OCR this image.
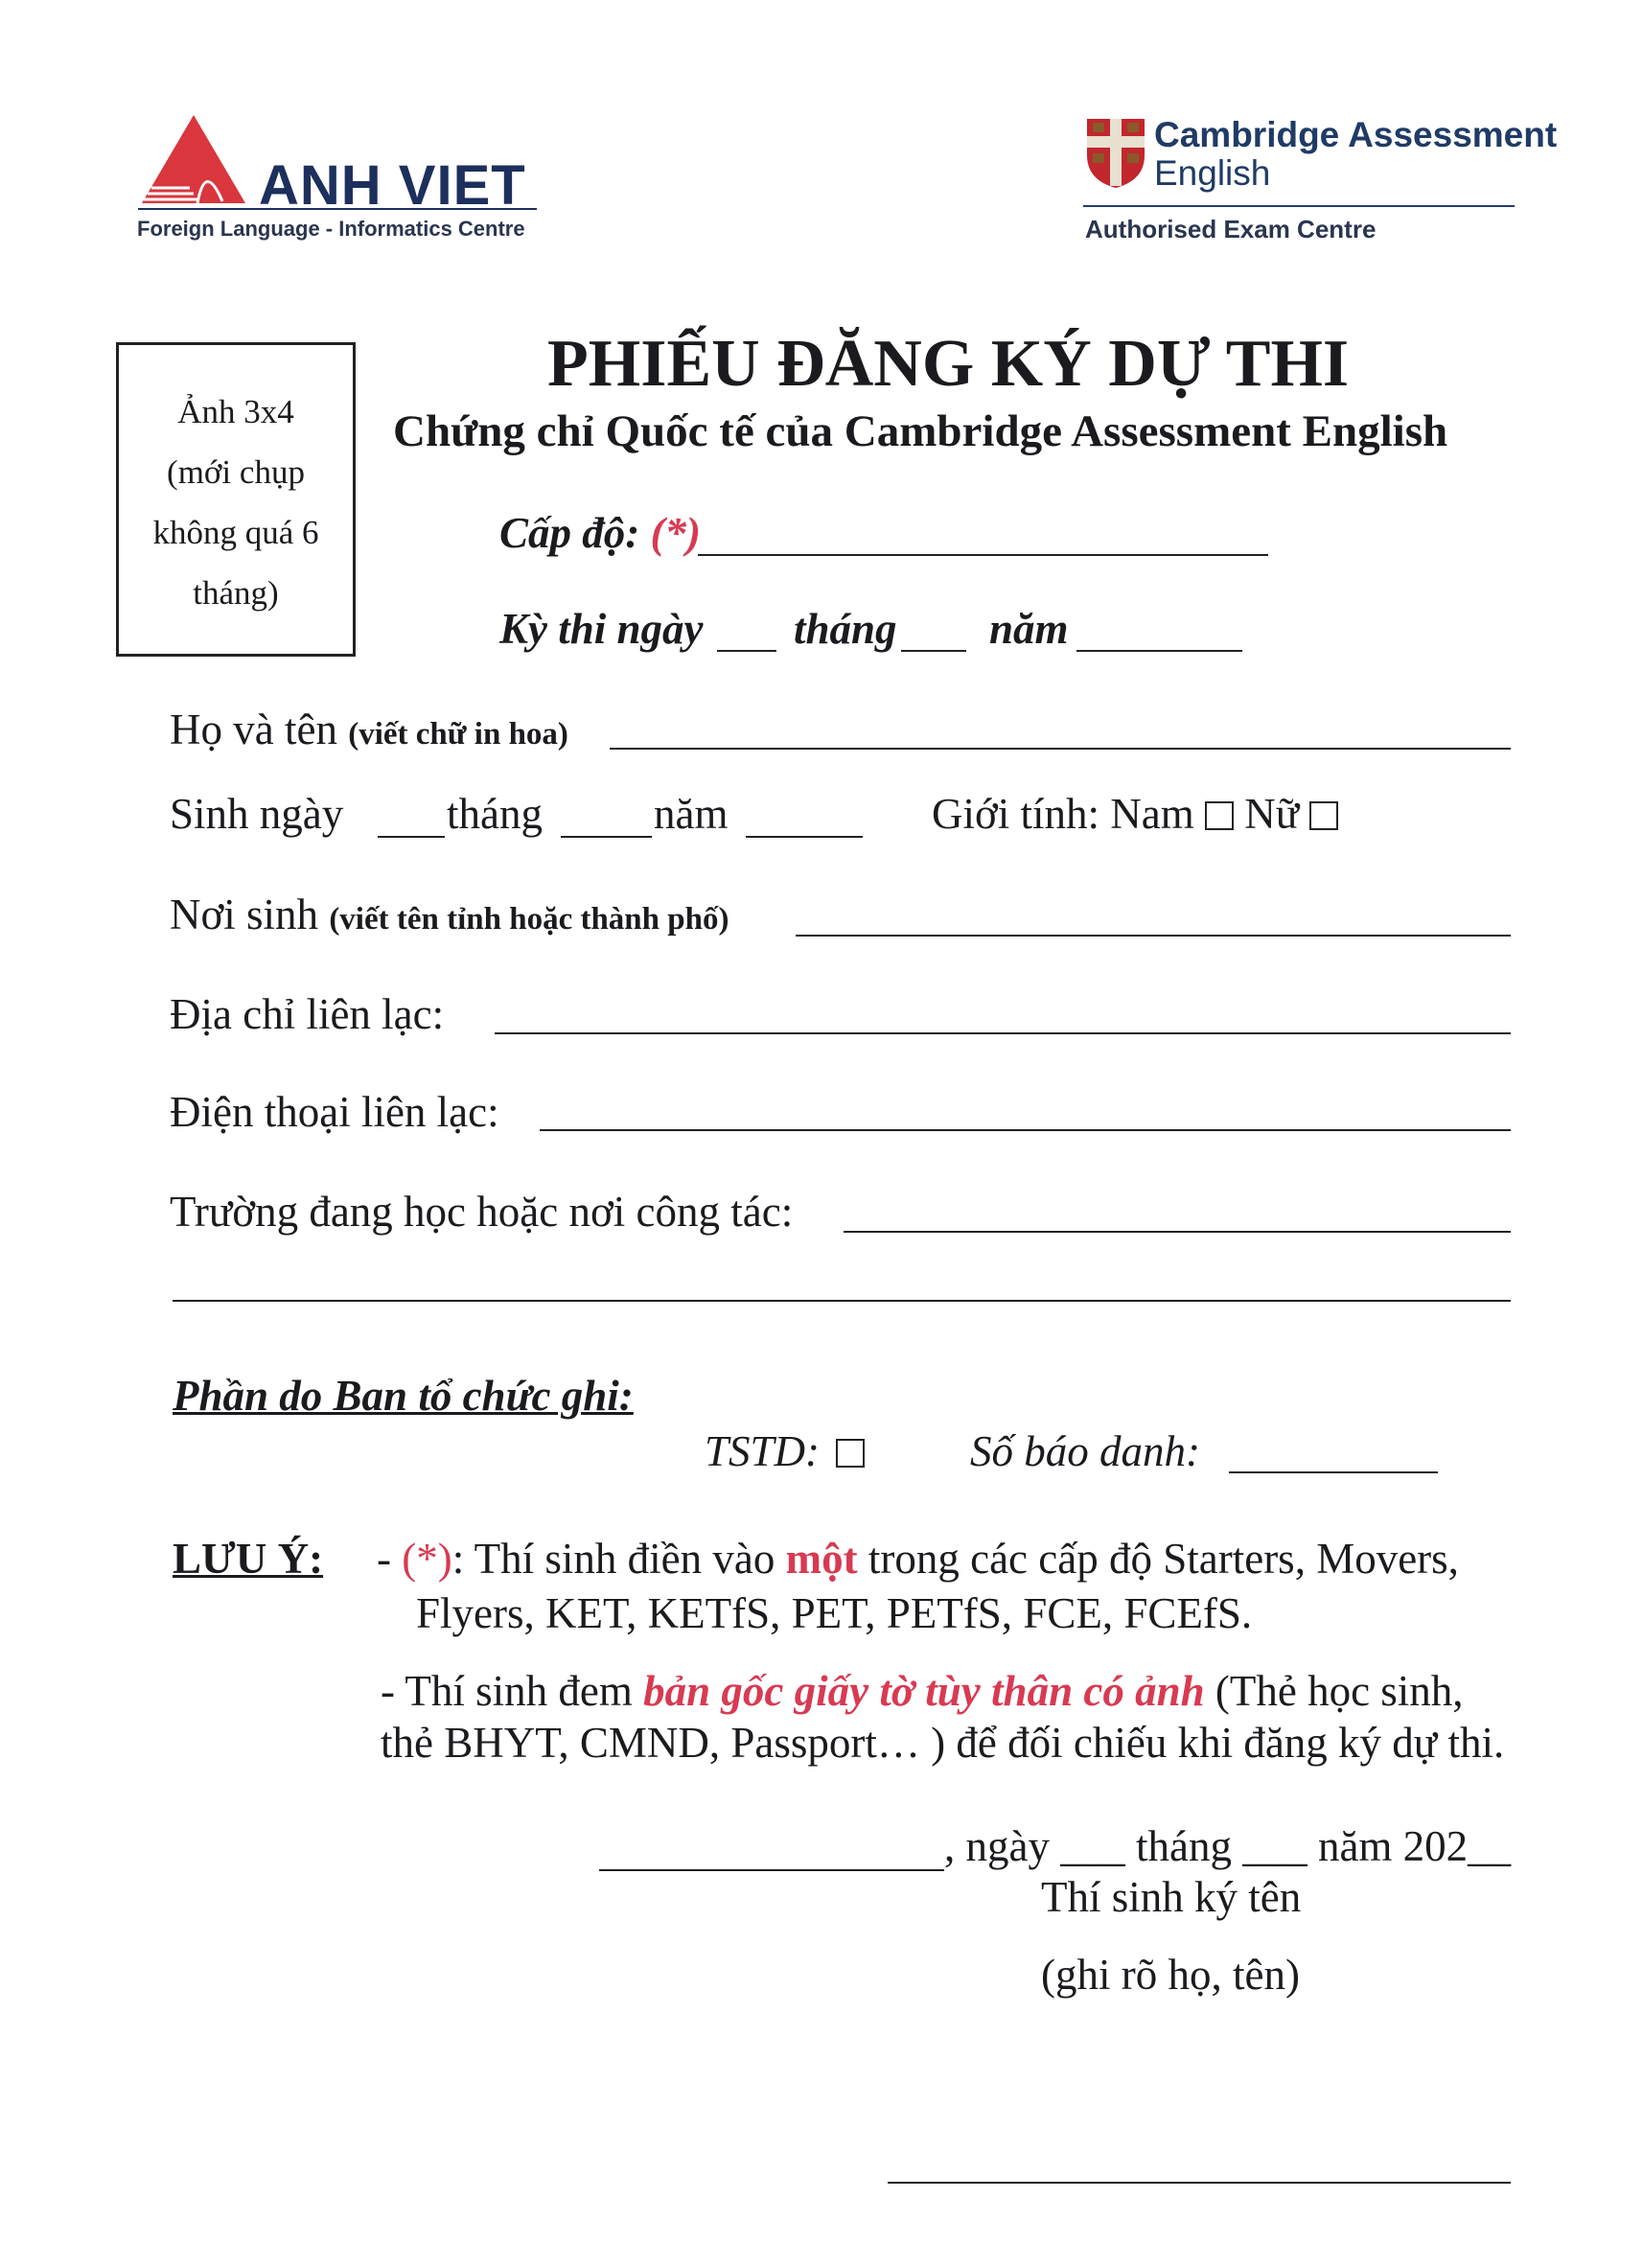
ANH VIET
Foreign Language - Informatics Centre
Cambridge Assessment
English
Authorised Exam Centre
Ảnh 3x4
(mới chụp
không quá 6
tháng)
PHIẾU ĐĂNG KÝ DỰ THI
Chứng chỉ Quốc tế của Cambridge Assessment English
Cấp độ: (*)
Kỳ thi ngày tháng năm
Họ và tên (viết chữ in hoa)
Sinh ngày tháng	năm	Giới tính: Nam Nữ
Nơi sinh (viết tên tỉnh hoặc thành phố)
Địa chỉ liên lạc:
Điện thoại liên lạc:
Trường đang học hoặc nơi công tác:
Phần do Ban tổ chức ghi:
TSTD:	Số báo danh:
LƯU Ý: - (*): Thí sinh điền vào một trong các cấp độ Starters, Movers,
Flyers, KET, KETfS, PET, PETfS, FCE, FCEfS.
- Thí sinh đem bản gốc giấy tờ tùy thân có ảnh (Thẻ học sinh,
thẻ BHYT, CMND, Passport… ) để đối chiếu khi đăng ký dự thi.
, ngày ___ tháng ___ năm 202__
Thí sinh ký tên
(ghi rõ họ, tên)
